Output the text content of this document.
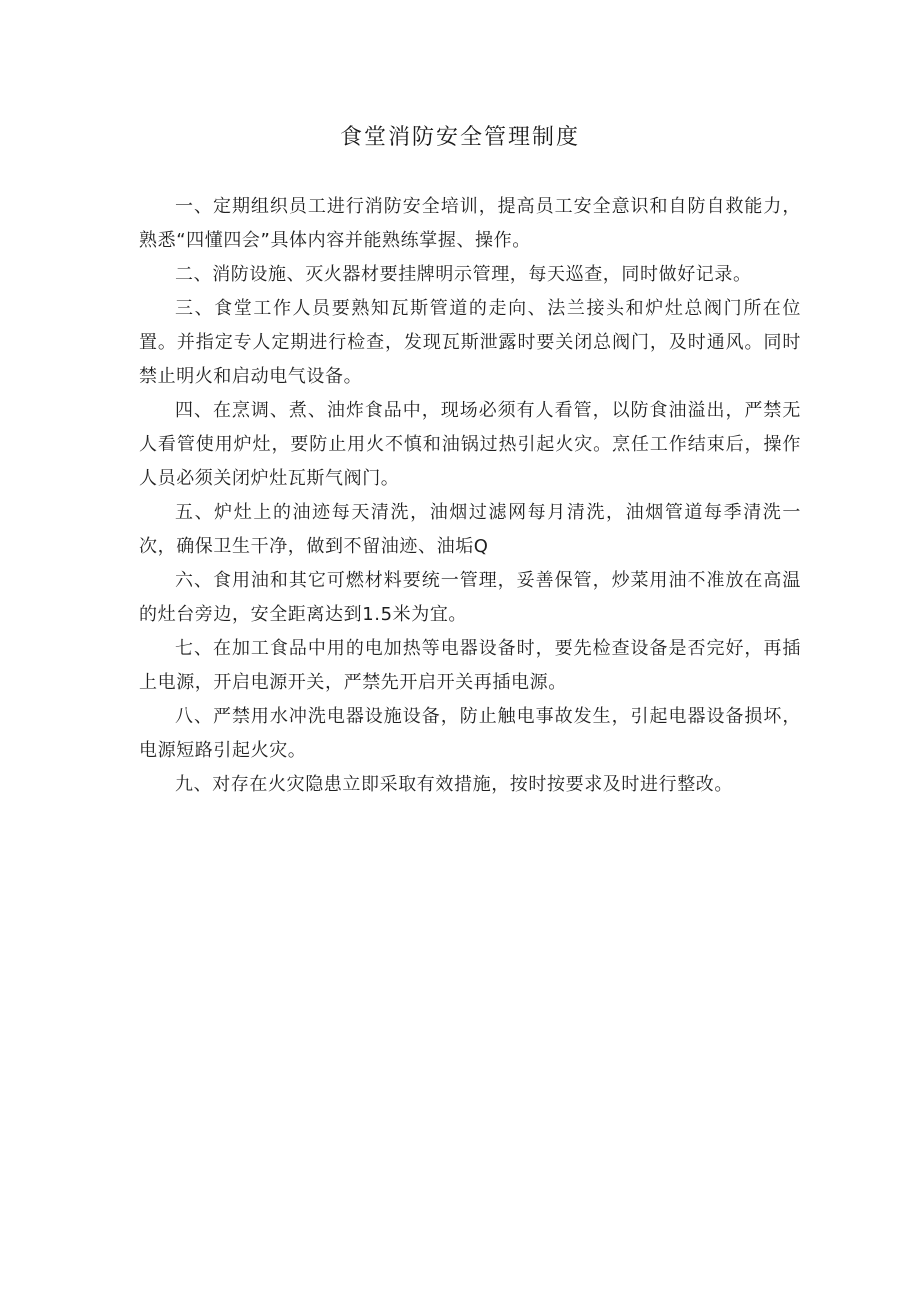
食堂消防安全管理制度

一、定期组织员工进行消防安全培训，提高员工安全意识和自防自救能力，熟悉“四懂四会”具体内容并能熟练掌握、操作。

二、消防设施、灭火器材要挂牌明示管理，每天巡查，同时做好记录。

三、食堂工作人员要熟知瓦斯管道的走向、法兰接头和炉灶总阀门所在位置。并指定专人定期进行检查，发现瓦斯泄露时要关闭总阀门，及时通风。同时禁止明火和启动电气设备。

四、在烹调、煮、油炸食品中，现场必须有人看管，以防食油溢出，严禁无人看管使用炉灶，要防止用火不慎和油锅过热引起火灾。烹任工作结束后，操作人员必须关闭炉灶瓦斯气阀门。

五、炉灶上的油迹每天清洗，油烟过滤网每月清洗，油烟管道每季清洗一次，确保卫生干净，做到不留油迹、油垢Q

六、食用油和其它可燃材料要统一管理，妥善保管，炒菜用油不准放在高温的灶台旁边，安全距离达到1.5米为宜。

七、在加工食品中用的电加热等电器设备时，要先检查设备是否完好，再插上电源，开启电源开关，严禁先开启开关再插电源。

八、严禁用水冲洗电器设施设备，防止触电事故发生，引起电器设备损坏，电源短路引起火灾。

九、对存在火灾隐患立即采取有效措施，按时按要求及时进行整改。
